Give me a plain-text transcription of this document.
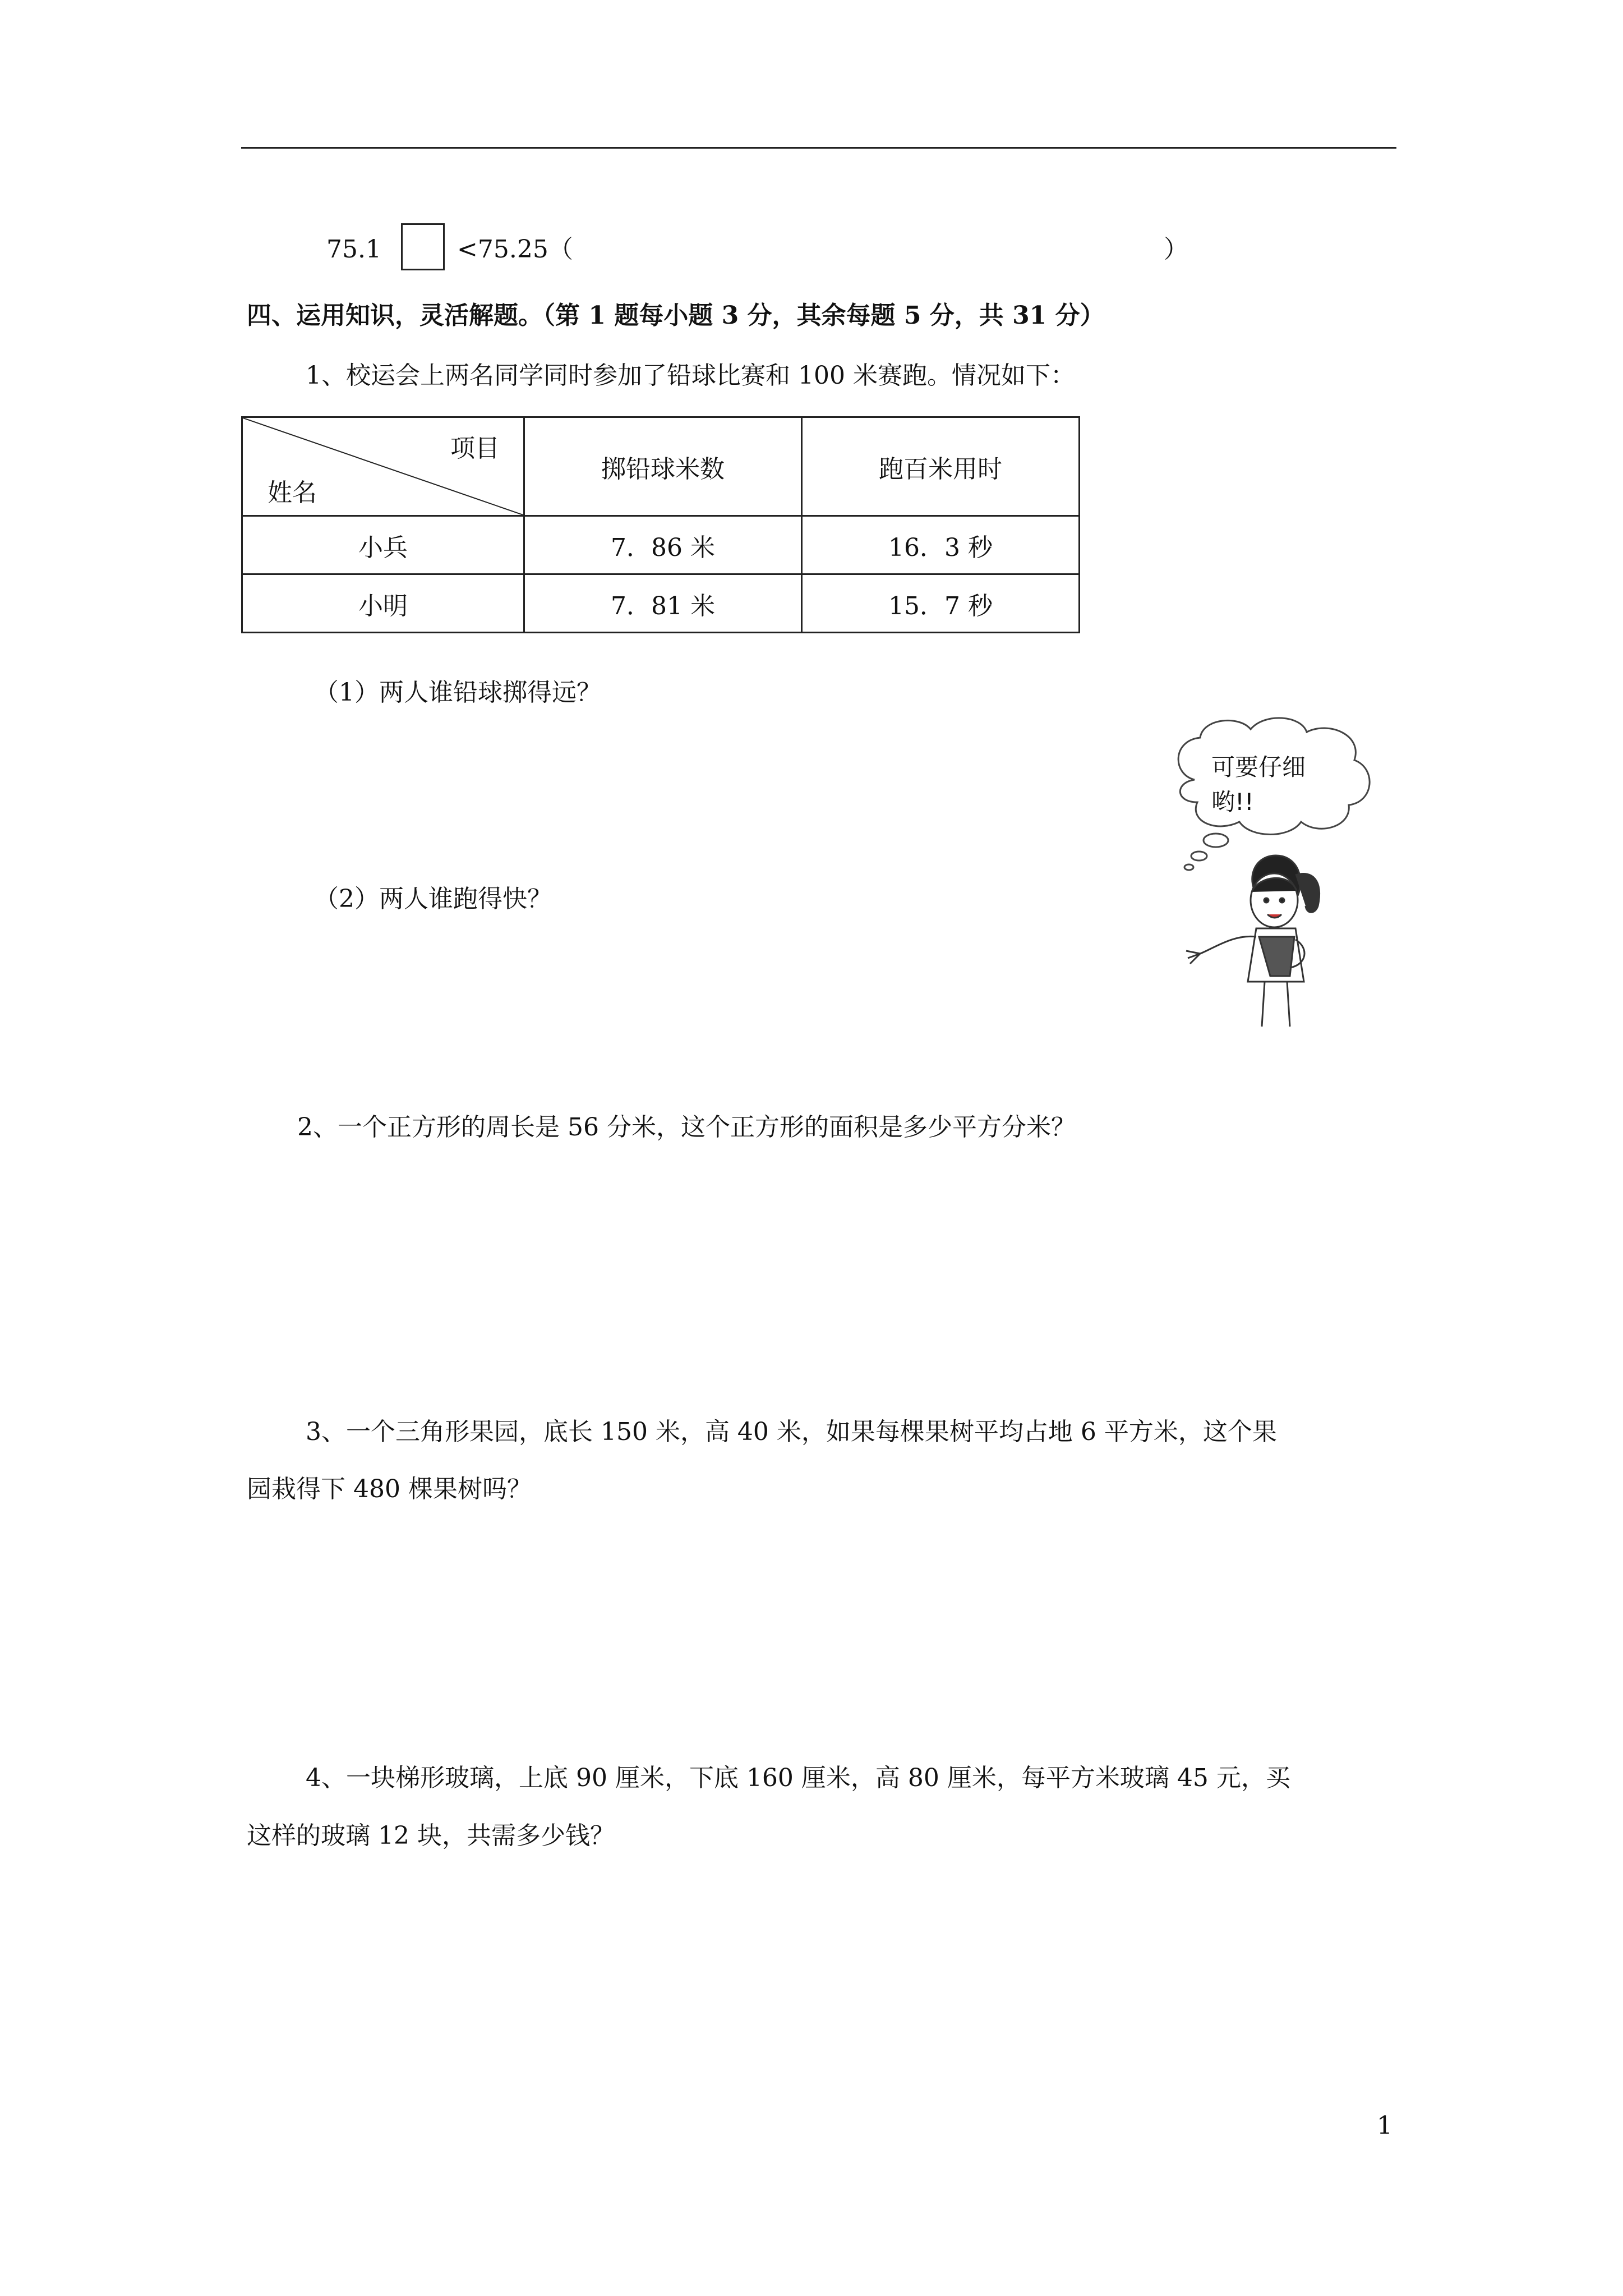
75.1	<75.25（	）
四、运用知识，灵活解题。（第 1 题每小题 3 分，其余每题 5 分，共 31 分）
1、校运会上两名同学同时参加了铅球比赛和 100 米赛跑。情况如下：
项目
姓名	掷铅球米数	跑百米用时
小兵	7．86 米	16．3 秒
小明	7．81 米	15．7 秒
（1）两人谁铅球掷得远？
（2）两人谁跑得快？
可要仔细
哟!!
2、一个正方形的周长是 56 分米，这个正方形的面积是多少平方分米？
3、一个三角形果园，底长 150 米，高 40 米，如果每棵果树平均占地 6 平方米，这个果
园栽得下 480 棵果树吗？
4、一块梯形玻璃，上底 90 厘米，下底 160 厘米，高 80 厘米，每平方米玻璃 45 元，买
这样的玻璃 12 块，共需多少钱？
1
